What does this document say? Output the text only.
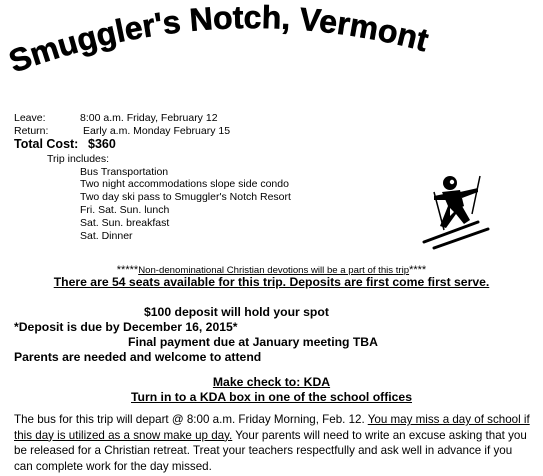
Smuggler's Notch, Vermont
Leave:	8:00 a.m. Friday, February 12
Return:	Early a.m. Monday February 15
Total Cost: $360
Trip includes:
Bus Transportation
Two night accommodations slope side condo
Two day ski pass to Smuggler's Notch Resort
Fri. Sat. Sun. lunch
Sat. Sun. breakfast
Sat. Dinner
*****Non-denominational Christian devotions will be a part of this trip****
There are 54 seats available for this trip. Deposits are first come first serve.
$100 deposit will hold your spot
*Deposit is due by December 16, 2015*
Final payment due at January meeting TBA
Parents are needed and welcome to attend
Make check to: KDA
Turn in to a KDA box in one of the school offices
The bus for this trip will depart @ 8:00 a.m. Friday Morning, Feb. 12. You may miss a day of school if this day is utilized as a snow make up day. Your parents will need to write an excuse asking that you be released for a Christian retreat. Treat your teachers respectfully and ask well in advance if you can complete work for the day missed.
